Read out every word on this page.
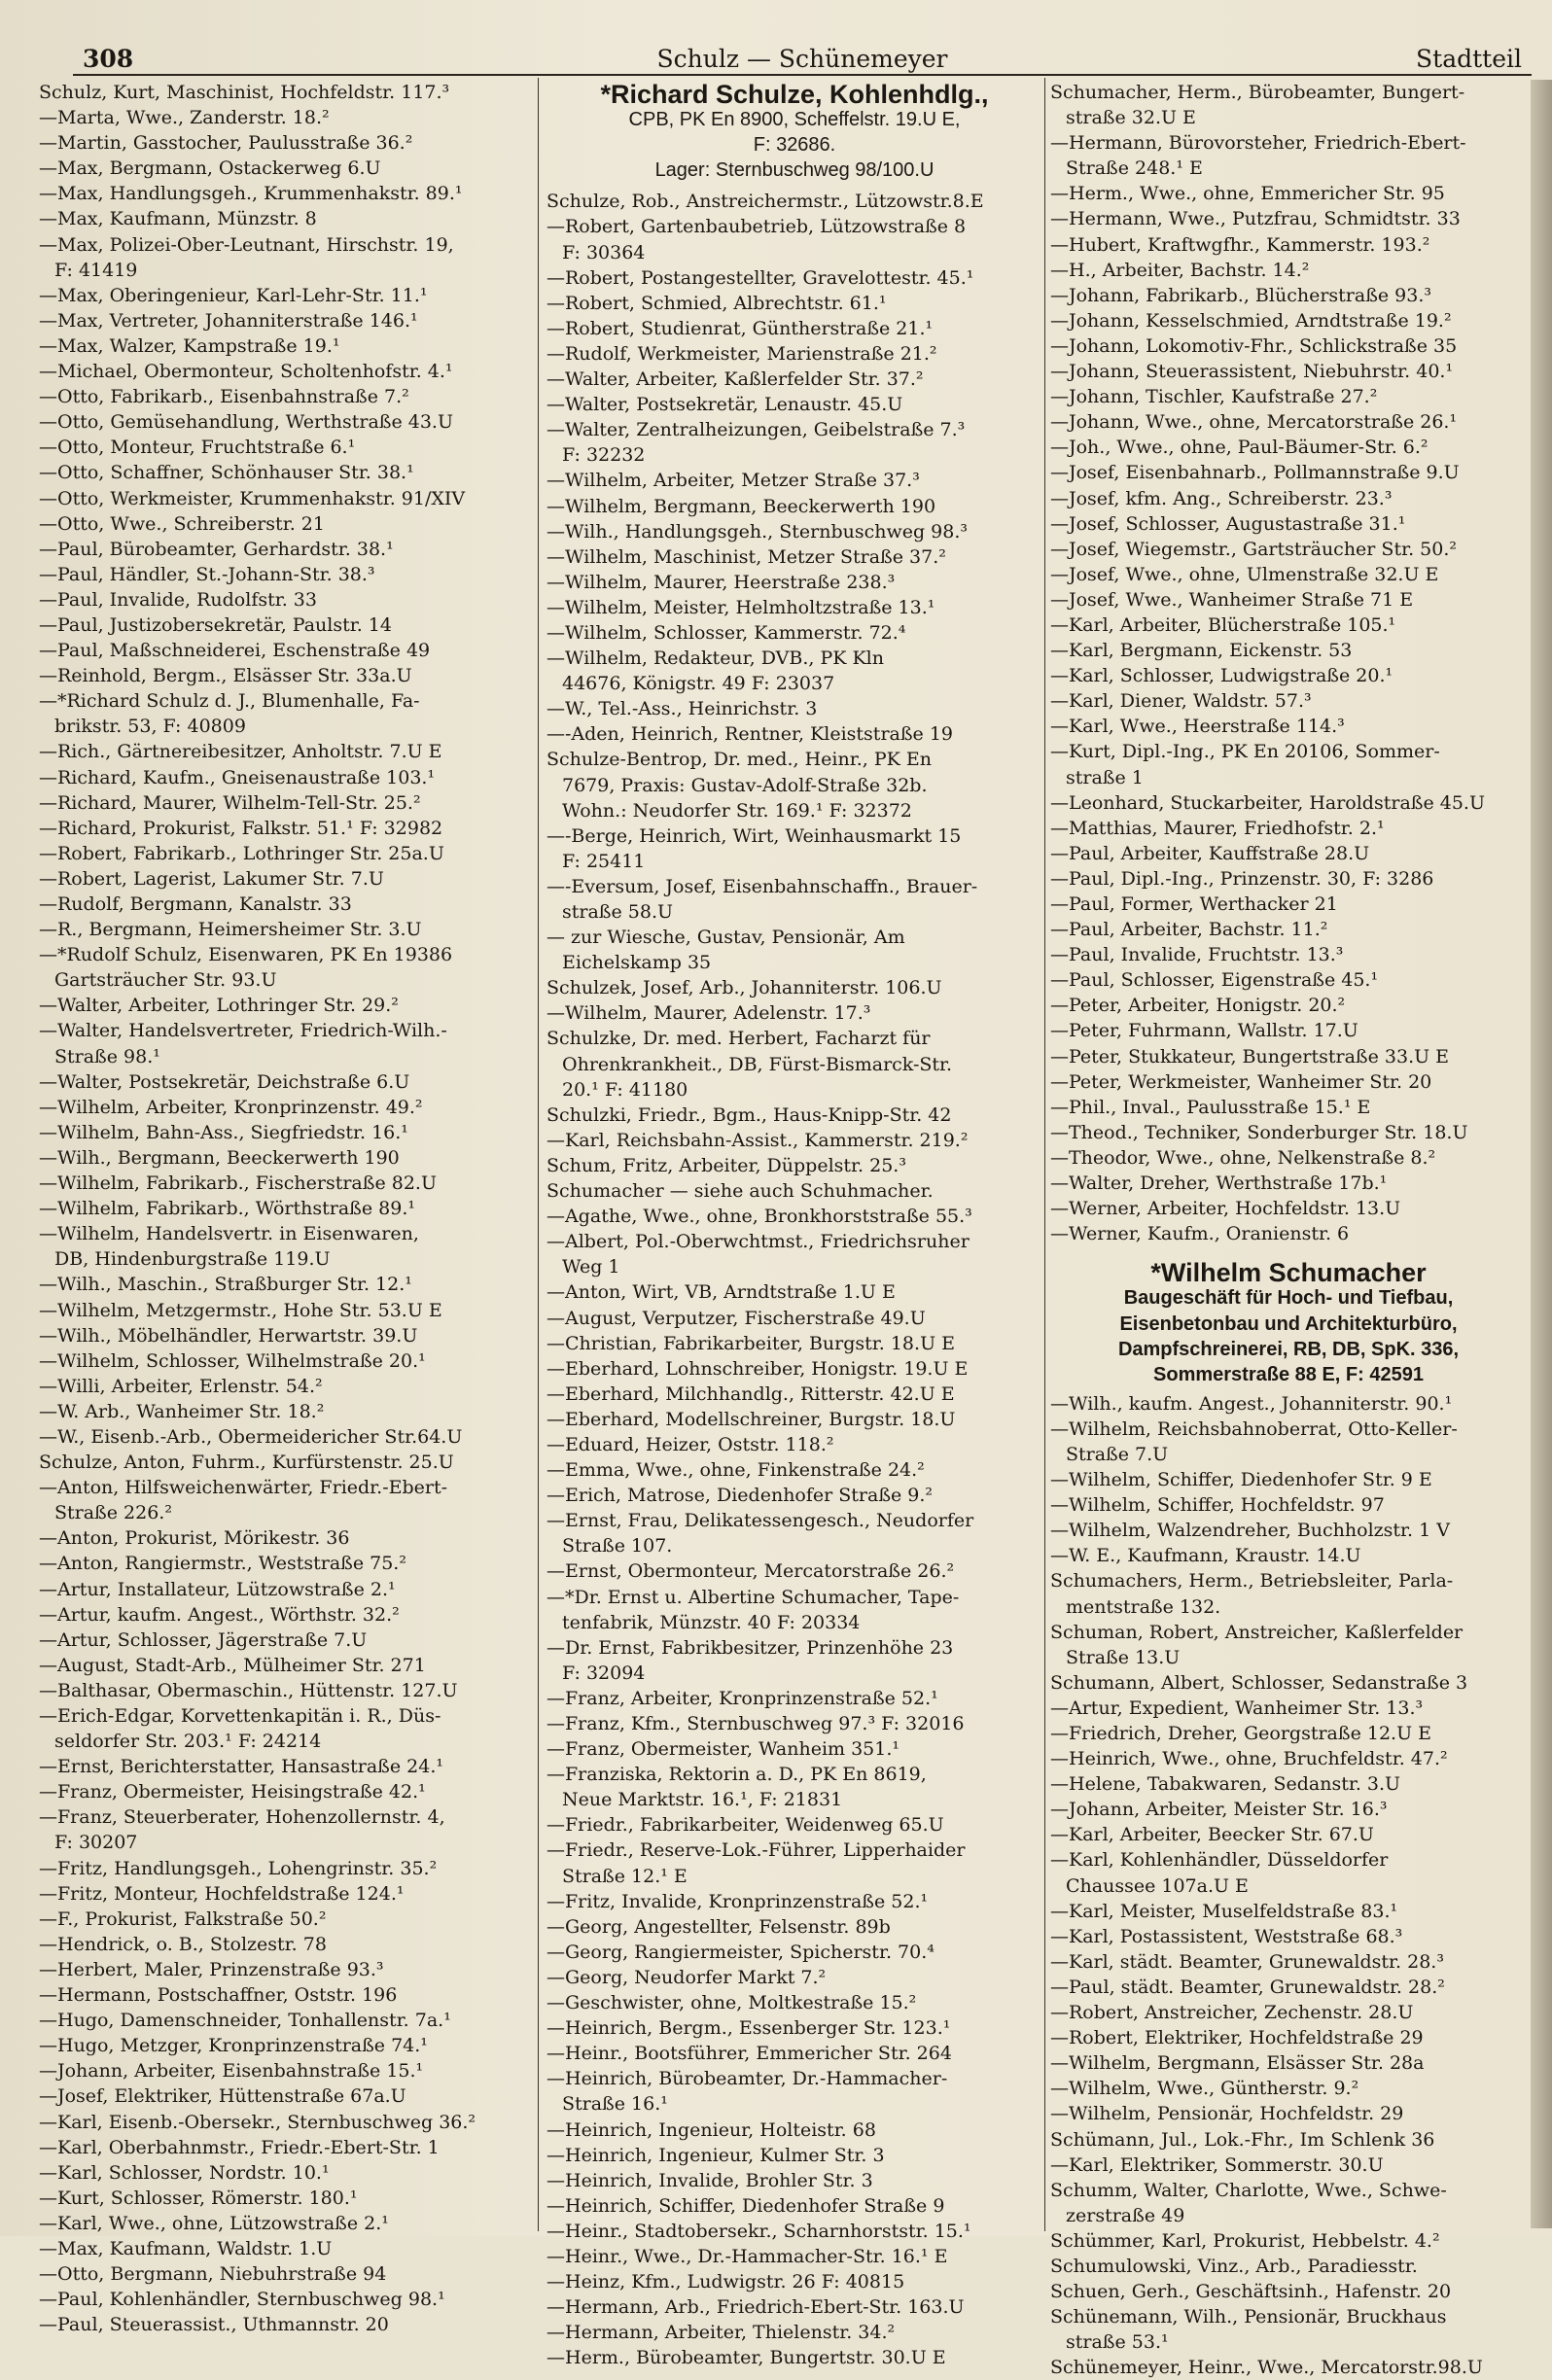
Schulz — Schünemeyer
308	Stadtteil
Schulz, Kurt, Maschinist, Hochfeldstr. 117.³
—Marta, Wwe., Zanderstr. 18.²
—Martin, Gasstocher, Paulusstraße 36.²
—Max, Bergmann, Ostackerweg 6.U
—Max, Handlungsgeh., Krummenhakstr. 89.¹
—Max, Kaufmann, Münzstr. 8
—Max, Polizei-Ober-Leutnant, Hirschstr. 19,
F: 41419
—Max, Oberingenieur, Karl-Lehr-Str. 11.¹
—Max, Vertreter, Johanniterstraße 146.¹
—Max, Walzer, Kampstraße 19.¹
—Michael, Obermonteur, Scholtenhofstr. 4.¹
—Otto, Fabrikarb., Eisenbahnstraße 7.²
—Otto, Gemüsehandlung, Werthstraße 43.U
—Otto, Monteur, Fruchtstraße 6.¹
—Otto, Schaffner, Schönhauser Str. 38.¹
—Otto, Werkmeister, Krummenhakstr. 91/XIV
—Otto, Wwe., Schreiberstr. 21
—Paul, Bürobeamter, Gerhardstr. 38.¹
—Paul, Händler, St.-Johann-Str. 38.³
—Paul, Invalide, Rudolfstr. 33
—Paul, Justizobersekretär, Paulstr. 14
—Paul, Maßschneiderei, Eschenstraße 49
—Reinhold, Bergm., Elsässer Str. 33a.U
—*Richard Schulz d. J., Blumenhalle, Fa-
brikstr. 53, F: 40809
—Rich., Gärtnereibesitzer, Anholtstr. 7.U E
—Richard, Kaufm., Gneisenaustraße 103.¹
—Richard, Maurer, Wilhelm-Tell-Str. 25.²
—Richard, Prokurist, Falkstr. 51.¹ F: 32982
—Robert, Fabrikarb., Lothringer Str. 25a.U
—Robert, Lagerist, Lakumer Str. 7.U
—Rudolf, Bergmann, Kanalstr. 33
—R., Bergmann, Heimersheimer Str. 3.U
—*Rudolf Schulz, Eisenwaren, PK En 19386
Gartsträucher Str. 93.U
—Walter, Arbeiter, Lothringer Str. 29.²
—Walter, Handelsvertreter, Friedrich-Wilh.-
Straße 98.¹
—Walter, Postsekretär, Deichstraße 6.U
—Wilhelm, Arbeiter, Kronprinzenstr. 49.²
—Wilhelm, Bahn-Ass., Siegfriedstr. 16.¹
—Wilh., Bergmann, Beeckerwerth 190
—Wilhelm, Fabrikarb., Fischerstraße 82.U
—Wilhelm, Fabrikarb., Wörthstraße 89.¹
—Wilhelm, Handelsvertr. in Eisenwaren,
DB, Hindenburgstraße 119.U
—Wilh., Maschin., Straßburger Str. 12.¹
—Wilhelm, Metzgermstr., Hohe Str. 53.U E
—Wilh., Möbelhändler, Herwartstr. 39.U
—Wilhelm, Schlosser, Wilhelmstraße 20.¹
—Willi, Arbeiter, Erlenstr. 54.²
—W. Arb., Wanheimer Str. 18.²
—W., Eisenb.-Arb., Obermeidericher Str.64.U
Schulze, Anton, Fuhrm., Kurfürstenstr. 25.U
—Anton, Hilfsweichenwärter, Friedr.-Ebert-
Straße 226.²
—Anton, Prokurist, Mörikestr. 36
—Anton, Rangiermstr., Weststraße 75.²
—Artur, Installateur, Lützowstraße 2.¹
—Artur, kaufm. Angest., Wörthstr. 32.²
—Artur, Schlosser, Jägerstraße 7.U
—August, Stadt-Arb., Mülheimer Str. 271
—Balthasar, Obermaschin., Hüttenstr. 127.U
—Erich-Edgar, Korvettenkapitän i. R., Düs-
seldorfer Str. 203.¹ F: 24214
—Ernst, Berichterstatter, Hansastraße 24.¹
—Franz, Obermeister, Heisingstraße 42.¹
—Franz, Steuerberater, Hohenzollernstr. 4,
F: 30207
—Fritz, Handlungsgeh., Lohengrinstr. 35.²
—Fritz, Monteur, Hochfeldstraße 124.¹
—F., Prokurist, Falkstraße 50.²
—Hendrick, o. B., Stolzestr. 78
—Herbert, Maler, Prinzenstraße 93.³
—Hermann, Postschaffner, Oststr. 196
—Hugo, Damenschneider, Tonhallenstr. 7a.¹
—Hugo, Metzger, Kronprinzenstraße 74.¹
—Johann, Arbeiter, Eisenbahnstraße 15.¹
—Josef, Elektriker, Hüttenstraße 67a.U
—Karl, Eisenb.-Obersekr., Sternbuschweg 36.²
—Karl, Oberbahnmstr., Friedr.-Ebert-Str. 1
—Karl, Schlosser, Nordstr. 10.¹
—Kurt, Schlosser, Römerstr. 180.¹
—Karl, Wwe., ohne, Lützowstraße 2.¹
—Max, Kaufmann, Waldstr. 1.U
—Otto, Bergmann, Niebuhrstraße 94
—Paul, Kohlenhändler, Sternbuschweg 98.¹
—Paul, Steuerassist., Uthmannstr. 20
*Richard Schulze, Kohlenhdlg.,
CPB, PK En 8900, Scheffelstr. 19.U E,
F: 32686.
Lager: Sternbuschweg 98/100.U
Schulze, Rob., Anstreichermstr., Lützowstr.8.E
—Robert, Gartenbaubetrieb, Lützowstraße 8
F: 30364
—Robert, Postangestellter, Gravelottestr. 45.¹
—Robert, Schmied, Albrechtstr. 61.¹
—Robert, Studienrat, Güntherstraße 21.¹
—Rudolf, Werkmeister, Marienstraße 21.²
—Walter, Arbeiter, Kaßlerfelder Str. 37.²
—Walter, Postsekretär, Lenaustr. 45.U
—Walter, Zentralheizungen, Geibelstraße 7.³
F: 32232
—Wilhelm, Arbeiter, Metzer Straße 37.³
—Wilhelm, Bergmann, Beeckerwerth 190
—Wilh., Handlungsgeh., Sternbuschweg 98.³
—Wilhelm, Maschinist, Metzer Straße 37.²
—Wilhelm, Maurer, Heerstraße 238.³
—Wilhelm, Meister, Helmholtzstraße 13.¹
—Wilhelm, Schlosser, Kammerstr. 72.⁴
—Wilhelm, Redakteur, DVB., PK Kln
44676, Königstr. 49 F: 23037
—W., Tel.-Ass., Heinrichstr. 3
—-Aden, Heinrich, Rentner, Kleiststraße 19
Schulze-Bentrop, Dr. med., Heinr., PK En
7679, Praxis: Gustav-Adolf-Straße 32b.
Wohn.: Neudorfer Str. 169.¹ F: 32372
—-Berge, Heinrich, Wirt, Weinhausmarkt 15
F: 25411
—-Eversum, Josef, Eisenbahnschaffn., Brauer-
straße 58.U
— zur Wiesche, Gustav, Pensionär, Am
Eichelskamp 35
Schulzek, Josef, Arb., Johanniterstr. 106.U
—Wilhelm, Maurer, Adelenstr. 17.³
Schulzke, Dr. med. Herbert, Facharzt für
Ohrenkrankheit., DB, Fürst-Bismarck-Str.
20.¹ F: 41180
Schulzki, Friedr., Bgm., Haus-Knipp-Str. 42
—Karl, Reichsbahn-Assist., Kammerstr. 219.²
Schum, Fritz, Arbeiter, Düppelstr. 25.³
Schumacher — siehe auch Schuhmacher.
—Agathe, Wwe., ohne, Bronkhorststraße 55.³
—Albert, Pol.-Oberwchtmst., Friedrichsruher
Weg 1
—Anton, Wirt, VB, Arndtstraße 1.U E
—August, Verputzer, Fischerstraße 49.U
—Christian, Fabrikarbeiter, Burgstr. 18.U E
—Eberhard, Lohnschreiber, Honigstr. 19.U E
—Eberhard, Milchhandlg., Ritterstr. 42.U E
—Eberhard, Modellschreiner, Burgstr. 18.U
—Eduard, Heizer, Oststr. 118.²
—Emma, Wwe., ohne, Finkenstraße 24.²
—Erich, Matrose, Diedenhofer Straße 9.²
—Ernst, Frau, Delikatessengesch., Neudorfer
Straße 107.
—Ernst, Obermonteur, Mercatorstraße 26.²
—*Dr. Ernst u. Albertine Schumacher, Tape-
tenfabrik, Münzstr. 40 F: 20334
—Dr. Ernst, Fabrikbesitzer, Prinzenhöhe 23
F: 32094
—Franz, Arbeiter, Kronprinzenstraße 52.¹
—Franz, Kfm., Sternbuschweg 97.³ F: 32016
—Franz, Obermeister, Wanheim 351.¹
—Franziska, Rektorin a. D., PK En 8619,
Neue Marktstr. 16.¹, F: 21831
—Friedr., Fabrikarbeiter, Weidenweg 65.U
—Friedr., Reserve-Lok.-Führer, Lipperhaider
Straße 12.¹ E
—Fritz, Invalide, Kronprinzenstraße 52.¹
—Georg, Angestellter, Felsenstr. 89b
—Georg, Rangiermeister, Spicherstr. 70.⁴
—Georg, Neudorfer Markt 7.²
—Geschwister, ohne, Moltkestraße 15.²
—Heinrich, Bergm., Essenberger Str. 123.¹
—Heinr., Bootsführer, Emmericher Str. 264
—Heinrich, Bürobeamter, Dr.-Hammacher-
Straße 16.¹
—Heinrich, Ingenieur, Holteistr. 68
—Heinrich, Ingenieur, Kulmer Str. 3
—Heinrich, Invalide, Brohler Str. 3
—Heinrich, Schiffer, Diedenhofer Straße 9
—Heinr., Stadtobersekr., Scharnhorststr. 15.¹
—Heinr., Wwe., Dr.-Hammacher-Str. 16.¹ E
—Heinz, Kfm., Ludwigstr. 26 F: 40815
—Hermann, Arb., Friedrich-Ebert-Str. 163.U
—Hermann, Arbeiter, Thielenstr. 34.²
—Herm., Bürobeamter, Bungertstr. 30.U E
Schumacher, Herm., Bürobeamter, Bungert-
straße 32.U E
—Hermann, Bürovorsteher, Friedrich-Ebert-
Straße 248.¹ E
—Herm., Wwe., ohne, Emmericher Str. 95
—Hermann, Wwe., Putzfrau, Schmidtstr. 33
—Hubert, Kraftwgfhr., Kammerstr. 193.²
—H., Arbeiter, Bachstr. 14.²
—Johann, Fabrikarb., Blücherstraße 93.³
—Johann, Kesselschmied, Arndtstraße 19.²
—Johann, Lokomotiv-Fhr., Schlickstraße 35
—Johann, Steuerassistent, Niebuhrstr. 40.¹
—Johann, Tischler, Kaufstraße 27.²
—Johann, Wwe., ohne, Mercatorstraße 26.¹
—Joh., Wwe., ohne, Paul-Bäumer-Str. 6.²
—Josef, Eisenbahnarb., Pollmannstraße 9.U
—Josef, kfm. Ang., Schreiberstr. 23.³
—Josef, Schlosser, Augustastraße 31.¹
—Josef, Wiegemstr., Gartsträucher Str. 50.²
—Josef, Wwe., ohne, Ulmenstraße 32.U E
—Josef, Wwe., Wanheimer Straße 71 E
—Karl, Arbeiter, Blücherstraße 105.¹
—Karl, Bergmann, Eickenstr. 53
—Karl, Schlosser, Ludwigstraße 20.¹
—Karl, Diener, Waldstr. 57.³
—Karl, Wwe., Heerstraße 114.³
—Kurt, Dipl.-Ing., PK En 20106, Sommer-
straße 1
—Leonhard, Stuckarbeiter, Haroldstraße 45.U
—Matthias, Maurer, Friedhofstr. 2.¹
—Paul, Arbeiter, Kauffstraße 28.U
—Paul, Dipl.-Ing., Prinzenstr. 30, F: 3286
—Paul, Former, Werthacker 21
—Paul, Arbeiter, Bachstr. 11.²
—Paul, Invalide, Fruchtstr. 13.³
—Paul, Schlosser, Eigenstraße 45.¹
—Peter, Arbeiter, Honigstr. 20.²
—Peter, Fuhrmann, Wallstr. 17.U
—Peter, Stukkateur, Bungertstraße 33.U E
—Peter, Werkmeister, Wanheimer Str. 20
—Phil., Inval., Paulusstraße 15.¹ E
—Theod., Techniker, Sonderburger Str. 18.U
—Theodor, Wwe., ohne, Nelkenstraße 8.²
—Walter, Dreher, Werthstraße 17b.¹
—Werner, Arbeiter, Hochfeldstr. 13.U
—Werner, Kaufm., Oranienstr. 6
*Wilhelm Schumacher
Baugeschäft für Hoch- und Tiefbau,
Eisenbetonbau und Architekturbüro,
Dampfschreinerei, RB, DB, SpK. 336,
Sommerstraße 88 E, F: 42591
—Wilh., kaufm. Angest., Johanniterstr. 90.¹
—Wilhelm, Reichsbahnoberrat, Otto-Keller-
Straße 7.U
—Wilhelm, Schiffer, Diedenhofer Str. 9 E
—Wilhelm, Schiffer, Hochfeldstr. 97
—Wilhelm, Walzendreher, Buchholzstr. 1 V
—W. E., Kaufmann, Kraustr. 14.U
Schumachers, Herm., Betriebsleiter, Parla-
mentstraße 132.
Schuman, Robert, Anstreicher, Kaßlerfelder
Straße 13.U
Schumann, Albert, Schlosser, Sedanstraße 3
—Artur, Expedient, Wanheimer Str. 13.³
—Friedrich, Dreher, Georgstraße 12.U E
—Heinrich, Wwe., ohne, Bruchfeldstr. 47.²
—Helene, Tabakwaren, Sedanstr. 3.U
—Johann, Arbeiter, Meister Str. 16.³
—Karl, Arbeiter, Beecker Str. 67.U
—Karl, Kohlenhändler, Düsseldorfer
Chaussee 107a.U E
—Karl, Meister, Muselfeldstraße 83.¹
—Karl, Postassistent, Weststraße 68.³
—Karl, städt. Beamter, Grunewaldstr. 28.³
—Paul, städt. Beamter, Grunewaldstr. 28.²
—Robert, Anstreicher, Zechenstr. 28.U
—Robert, Elektriker, Hochfeldstraße 29
—Wilhelm, Bergmann, Elsässer Str. 28a
—Wilhelm, Wwe., Güntherstr. 9.²
—Wilhelm, Pensionär, Hochfeldstr. 29
Schümann, Jul., Lok.-Fhr., Im Schlenk 36
—Karl, Elektriker, Sommerstr. 30.U
Schumm, Walter, Charlotte, Wwe., Schwe-
zerstraße 49
Schümmer, Karl, Prokurist, Hebbelstr. 4.²
Schumulowski, Vinz., Arb., Paradiesstr.
Schuen, Gerh., Geschäftsinh., Hafenstr. 20
Schünemann, Wilh., Pensionär, Bruckhaus
straße 53.¹
Schünemeyer, Heinr., Wwe., Mercatorstr.98.U
